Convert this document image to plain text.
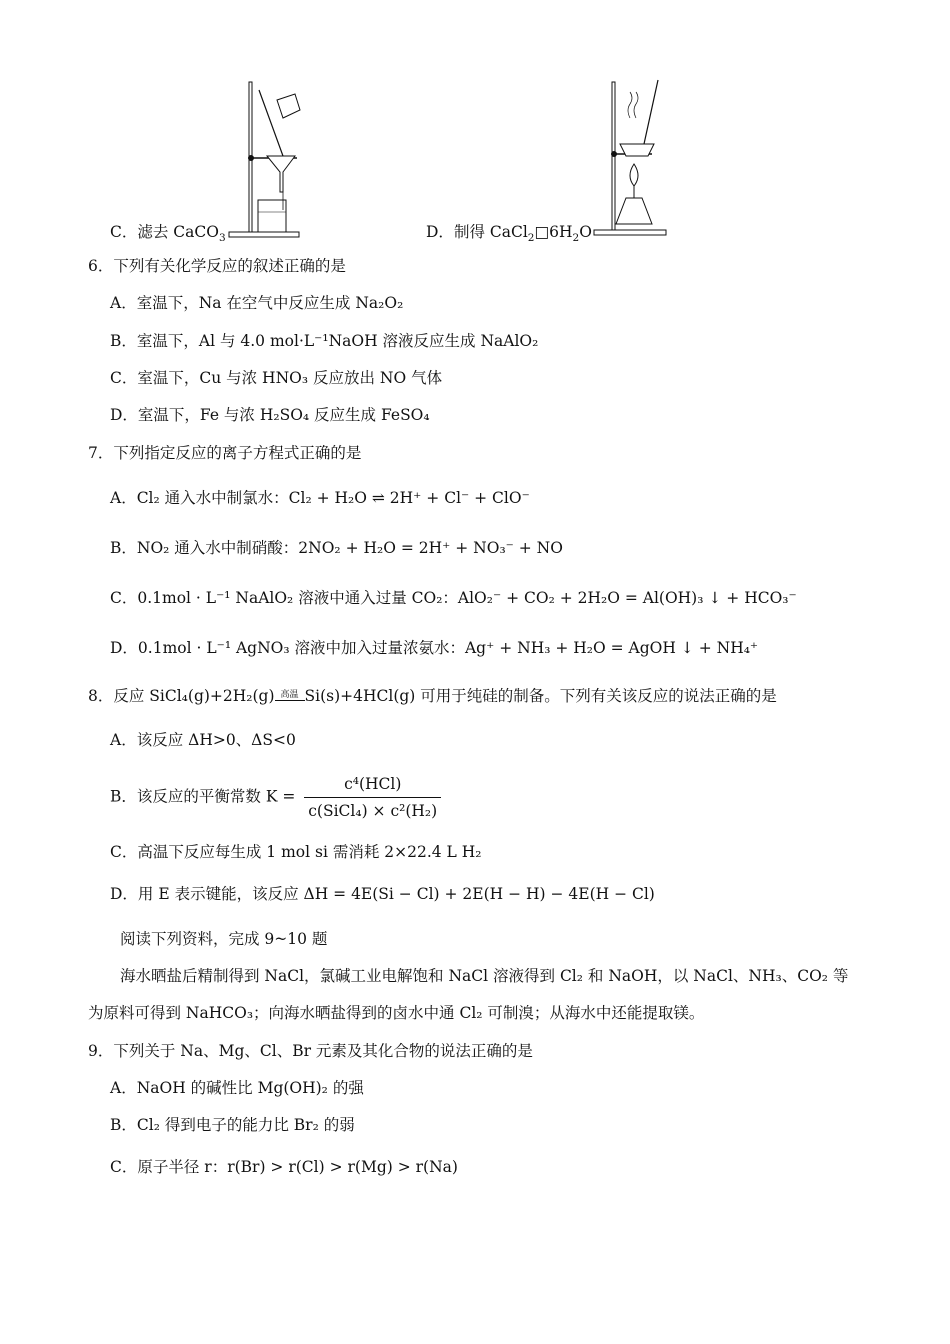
C．滤去 CaCO$_3$	D．制得 $CaCl_2□6H_2O$
6．下列有关化学反应的叙述正确的是
A．室温下，Na 在空气中反应生成 Na₂O₂
B．室温下，Al 与 4.0 mol·L⁻¹NaOH 溶液反应生成 NaAlO₂
C．室温下，Cu 与浓 HNO₃ 反应放出 NO 气体
D．室温下，Fe 与浓 H₂SO₄ 反应生成 FeSO₄
7．下列指定反应的离子方程式正确的是
A．Cl₂ 通入水中制氯水：Cl₂ + H₂O ⇌ 2H⁺ + Cl⁻ + ClO⁻
B．NO₂ 通入水中制硝酸：2NO₂ + H₂O = 2H⁺ + NO₃⁻ + NO
C．0.1mol · L⁻¹ NaAlO₂ 溶液中通入过量 CO₂：AlO₂⁻ + CO₂ + 2H₂O = Al(OH)₃ ↓ + HCO₃⁻
D．0.1mol · L⁻¹ AgNO₃ 溶液中加入过量浓氨水：Ag⁺ + NH₃ + H₂O = AgOH ↓ + NH₄⁺
8．反应 SiCl₄(g)+2H₂(g) 高温 Si(s)+4HCl(g) 可用于纯硅的制备。下列有关该反应的说法正确的是
A．该反应 ΔH>0、ΔS<0
B．该反应的平衡常数 $K = \frac{\text{c⁴(HCl)}}{\text{c(SiCl₄) × c²(H₂)}}$
C．高温下反应每生成 1 mol si 需消耗 2×22.4 L H₂
D．用 E 表示键能，该反应 ΔH = 4E(Si − Cl) + 2E(H − H) − 4E(H − Cl)
阅读下列资料，完成 9~10 题
海水晒盐后精制得到 NaCl，氯碱工业电解饱和 NaCl 溶液得到 Cl₂ 和 NaOH，以 NaCl、NH₃、CO₂ 等
为原料可得到 NaHCO₃；向海水晒盐得到的卤水中通 Cl₂ 可制溴；从海水中还能提取镁。
9．下列关于 Na、Mg、Cl、Br 元素及其化合物的说法正确的是
A．NaOH 的碱性比 Mg(OH)₂ 的强
B．Cl₂ 得到电子的能力比 Br₂ 的弱
C．原子半径 r：r(Br) > r(Cl) > r(Mg) > r(Na)
